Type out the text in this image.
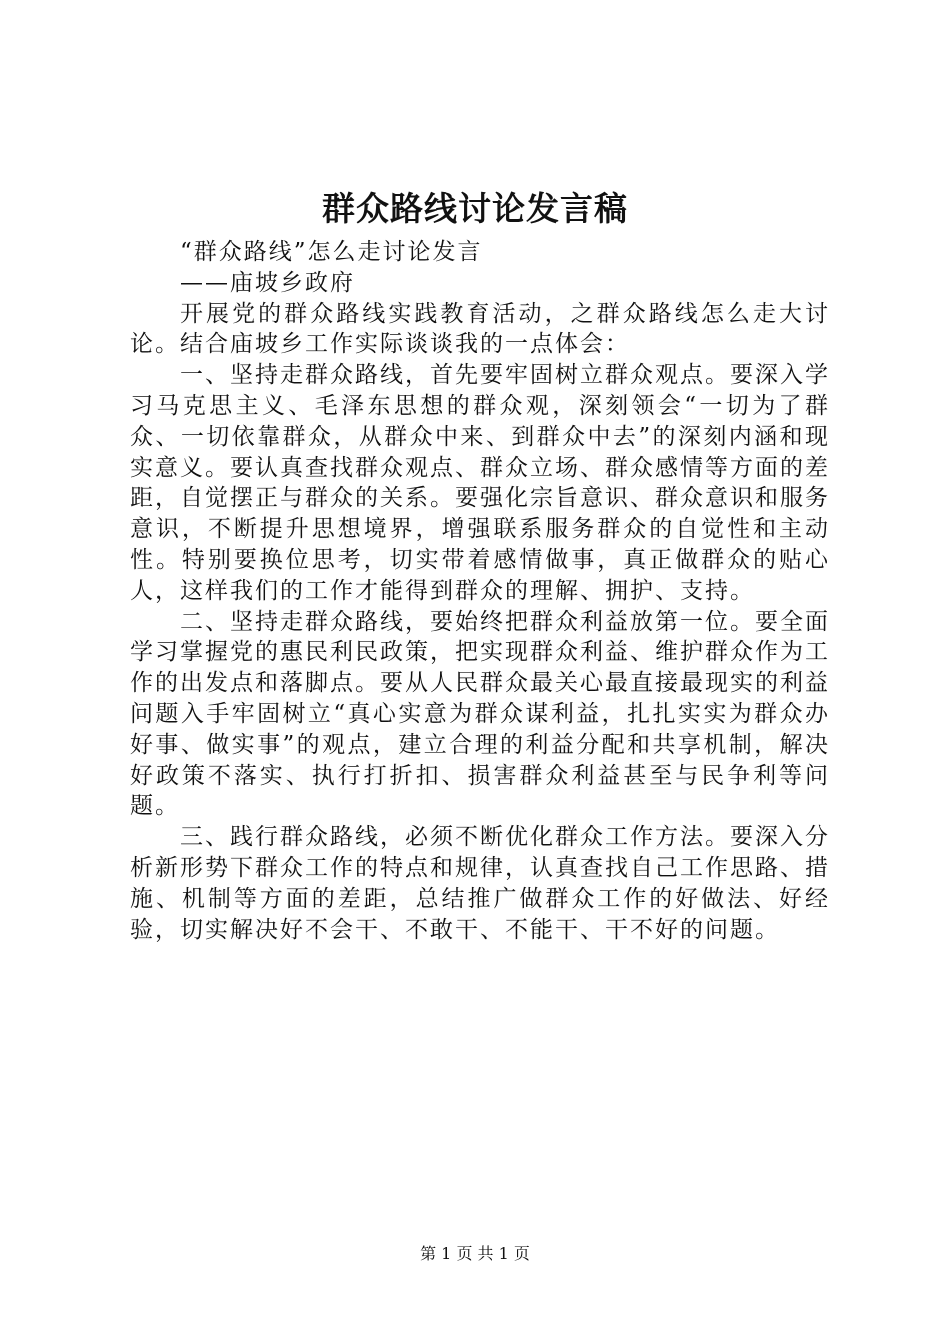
群众路线讨论发言稿

“群众路线”怎么走讨论发言

——庙坡乡政府

开展党的群众路线实践教育活动，之群众路线怎么走大讨论。结合庙坡乡工作实际谈谈我的一点体会：

一、坚持走群众路线，首先要牢固树立群众观点。要深入学习马克思主义、毛泽东思想的群众观，深刻领会“一切为了群众、一切依靠群众，从群众中来、到群众中去”的深刻内涵和现实意义。要认真查找群众观点、群众立场、群众感情等方面的差距，自觉摆正与群众的关系。要强化宗旨意识、群众意识和服务意识，不断提升思想境界，增强联系服务群众的自觉性和主动性。特别要换位思考，切实带着感情做事，真正做群众的贴心人，这样我们的工作才能得到群众的理解、拥护、支持。

二、坚持走群众路线，要始终把群众利益放第一位。要全面学习掌握党的惠民利民政策，把实现群众利益、维护群众作为工作的出发点和落脚点。要从人民群众最关心最直接最现实的利益问题入手牢固树立“真心实意为群众谋利益，扎扎实实为群众办好事、做实事”的观点，建立合理的利益分配和共享机制，解决好政策不落实、执行打折扣、损害群众利益甚至与民争利等问题。

三、践行群众路线，必须不断优化群众工作方法。要深入分析新形势下群众工作的特点和规律，认真查找自己工作思路、措施、机制等方面的差距，总结推广做群众工作的好做法、好经验，切实解决好不会干、不敢干、不能干、干不好的问题。

第 1 页 共 1 页
